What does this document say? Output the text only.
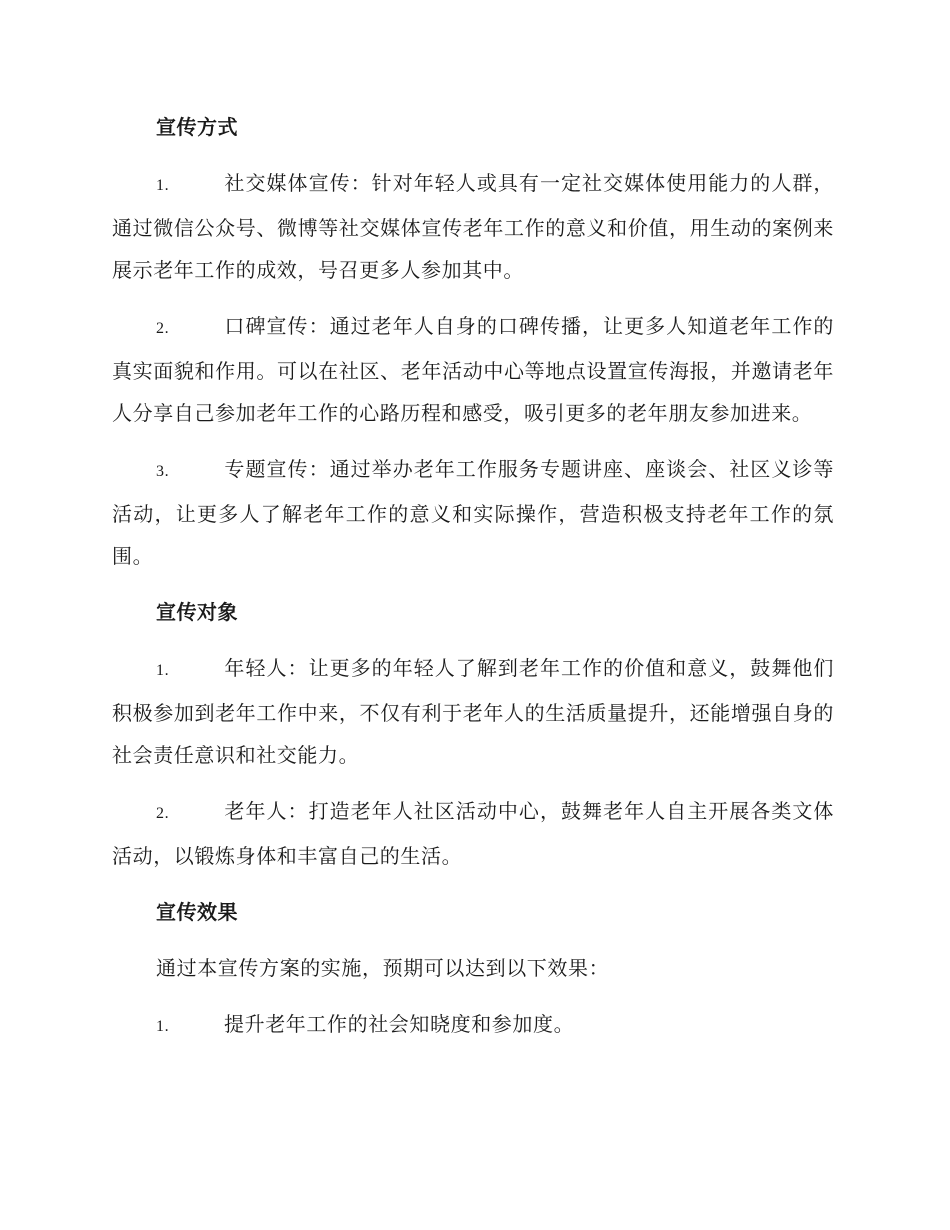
宣传方式
1.	社交媒体宣传：针对年轻人或具有一定社交媒体使用能力的人群，通过微信公众号、微博等社交媒体宣传老年工作的意义和价值，用生动的案例来展示老年工作的成效，号召更多人参加其中。
2.	口碑宣传：通过老年人自身的口碑传播，让更多人知道老年工作的真实面貌和作用。可以在社区、老年活动中心等地点设置宣传海报，并邀请老年人分享自己参加老年工作的心路历程和感受，吸引更多的老年朋友参加进来。
3.	专题宣传：通过举办老年工作服务专题讲座、座谈会、社区义诊等活动，让更多人了解老年工作的意义和实际操作，营造积极支持老年工作的氛围。
宣传对象
1.	年轻人：让更多的年轻人了解到老年工作的价值和意义，鼓舞他们积极参加到老年工作中来，不仅有利于老年人的生活质量提升，还能增强自身的社会责任意识和社交能力。
2.	老年人：打造老年人社区活动中心，鼓舞老年人自主开展各类文体活动，以锻炼身体和丰富自己的生活。
宣传效果
通过本宣传方案的实施，预期可以达到以下效果：
1.	提升老年工作的社会知晓度和参加度。
